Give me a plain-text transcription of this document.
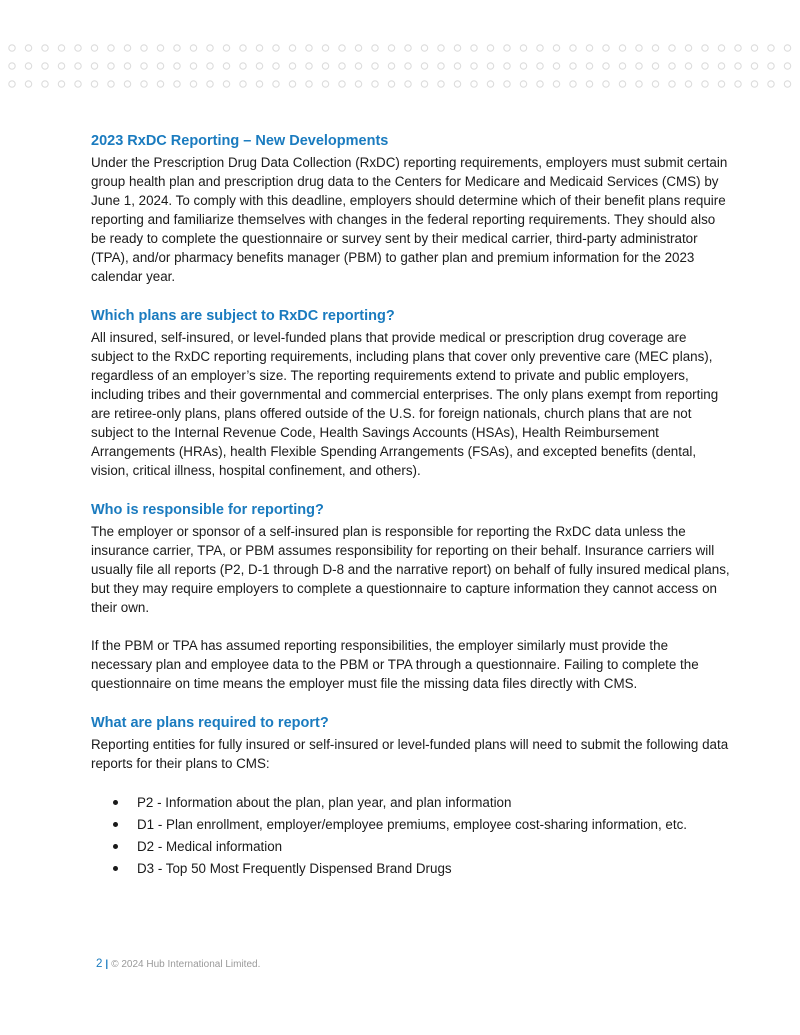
2023 RxDC Reporting – New Developments

Under the Prescription Drug Data Collection (RxDC) reporting requirements, employers must submit certain group health plan and prescription drug data to the Centers for Medicare and Medicaid Services (CMS) by June 1, 2024. To comply with this deadline, employers should determine which of their benefit plans require reporting and familiarize themselves with changes in the federal reporting requirements. They should also be ready to complete the questionnaire or survey sent by their medical carrier, third-party administrator (TPA), and/or pharmacy benefits manager (PBM) to gather plan and premium information for the 2023 calendar year.

Which plans are subject to RxDC reporting?

All insured, self-insured, or level-funded plans that provide medical or prescription drug coverage are subject to the RxDC reporting requirements, including plans that cover only preventive care (MEC plans), regardless of an employer’s size. The reporting requirements extend to private and public employers, including tribes and their governmental and commercial enterprises. The only plans exempt from reporting are retiree-only plans, plans offered outside of the U.S. for foreign nationals, church plans that are not subject to the Internal Revenue Code, Health Savings Accounts (HSAs), Health Reimbursement Arrangements (HRAs), health Flexible Spending Arrangements (FSAs), and excepted benefits (dental, vision, critical illness, hospital confinement, and others).

Who is responsible for reporting?

The employer or sponsor of a self-insured plan is responsible for reporting the RxDC data unless the insurance carrier, TPA, or PBM assumes responsibility for reporting on their behalf. Insurance carriers will usually file all reports (P2, D-1 through D-8 and the narrative report) on behalf of fully insured medical plans, but they may require employers to complete a questionnaire to capture information they cannot access on their own.

If the PBM or TPA has assumed reporting responsibilities, the employer similarly must provide the necessary plan and employee data to the PBM or TPA through a questionnaire. Failing to complete the questionnaire on time means the employer must file the missing data files directly with CMS.

What are plans required to report?

Reporting entities for fully insured or self-insured or level-funded plans will need to submit the following data reports for their plans to CMS:

P2 - Information about the plan, plan year, and plan information
D1 - Plan enrollment, employer/employee premiums, employee cost-sharing information, etc.
D2 - Medical information
D3 - Top 50 Most Frequently Dispensed Brand Drugs
2 | © 2024 Hub International Limited.
